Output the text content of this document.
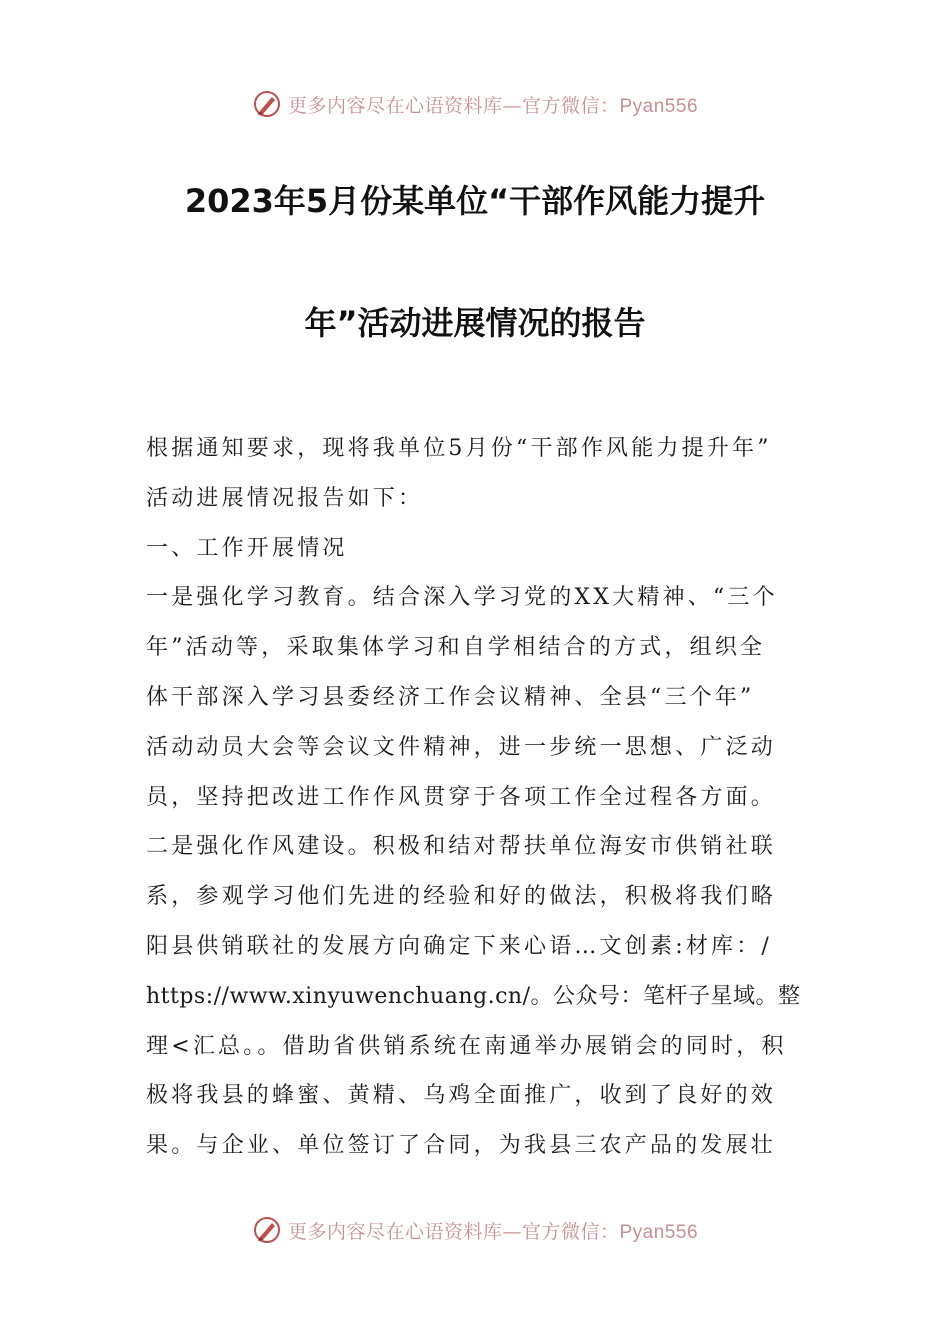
更多内容尽在心语资料库—官方微信：Pyan556
2023年5月份某单位“干部作风能力提升
年”活动进展情况的报告
根据通知要求，现将我单位5月份“干部作风能力提升年”
活动进展情况报告如下：
一、工作开展情况
一是强化学习教育。结合深入学习党的XX大精神、“三个
年”活动等，采取集体学习和自学相结合的方式，组织全
体干部深入学习县委经济工作会议精神、全县“三个年”
活动动员大会等会议文件精神，进一步统一思想、广泛动
员，坚持把改进工作作风贯穿于各项工作全过程各方面。
二是强化作风建设。积极和结对帮扶单位海安市供销社联
系，参观学习他们先进的经验和好的做法，积极将我们略
阳县供销联社的发展方向确定下来心语…文创素:材库：/
https://www.xinyuwenchuang.cn/。公众号：笔杆子星域。整
理<汇总。。借助省供销系统在南通举办展销会的同时，积
极将我县的蜂蜜、黄精、乌鸡全面推广，收到了良好的效
果。与企业、单位签订了合同，为我县三农产品的发展壮
更多内容尽在心语资料库—官方微信：Pyan556
